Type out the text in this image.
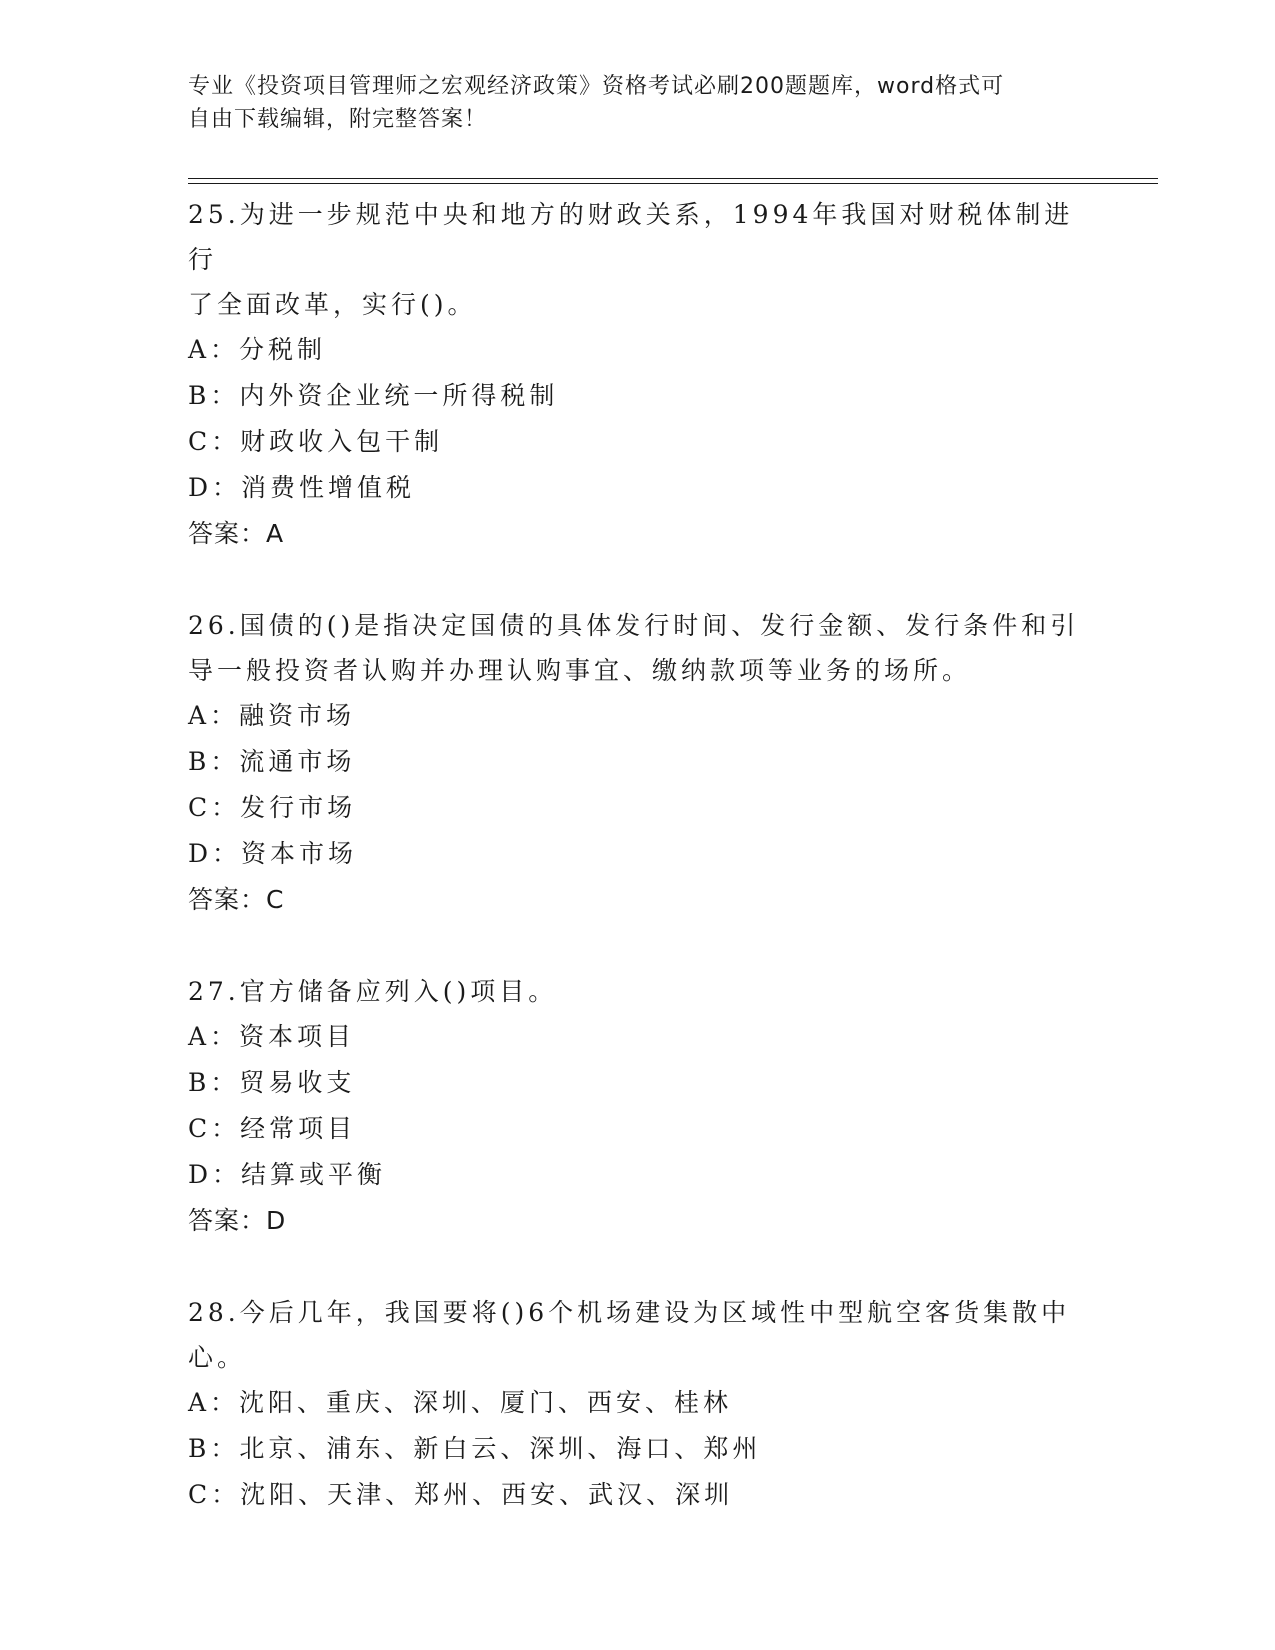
专业《投资项目管理师之宏观经济政策》资格考试必刷200题题库，word格式可
自由下载编辑，附完整答案！
25.为进一步规范中央和地方的财政关系，1994年我国对财税体制进行
了全面改革，实行()。
A：分税制
B：内外资企业统一所得税制
C：财政收入包干制
D：消费性增值税
答案：A
26.国债的()是指决定国债的具体发行时间、发行金额、发行条件和引
导一般投资者认购并办理认购事宜、缴纳款项等业务的场所。
A：融资市场
B：流通市场
C：发行市场
D：资本市场
答案：C
27.官方储备应列入()项目。
A：资本项目
B：贸易收支
C：经常项目
D：结算或平衡
答案：D
28.今后几年，我国要将()6个机场建设为区域性中型航空客货集散中
心。
A：沈阳、重庆、深圳、厦门、西安、桂林
B：北京、浦东、新白云、深圳、海口、郑州
C：沈阳、天津、郑州、西安、武汉、深圳
